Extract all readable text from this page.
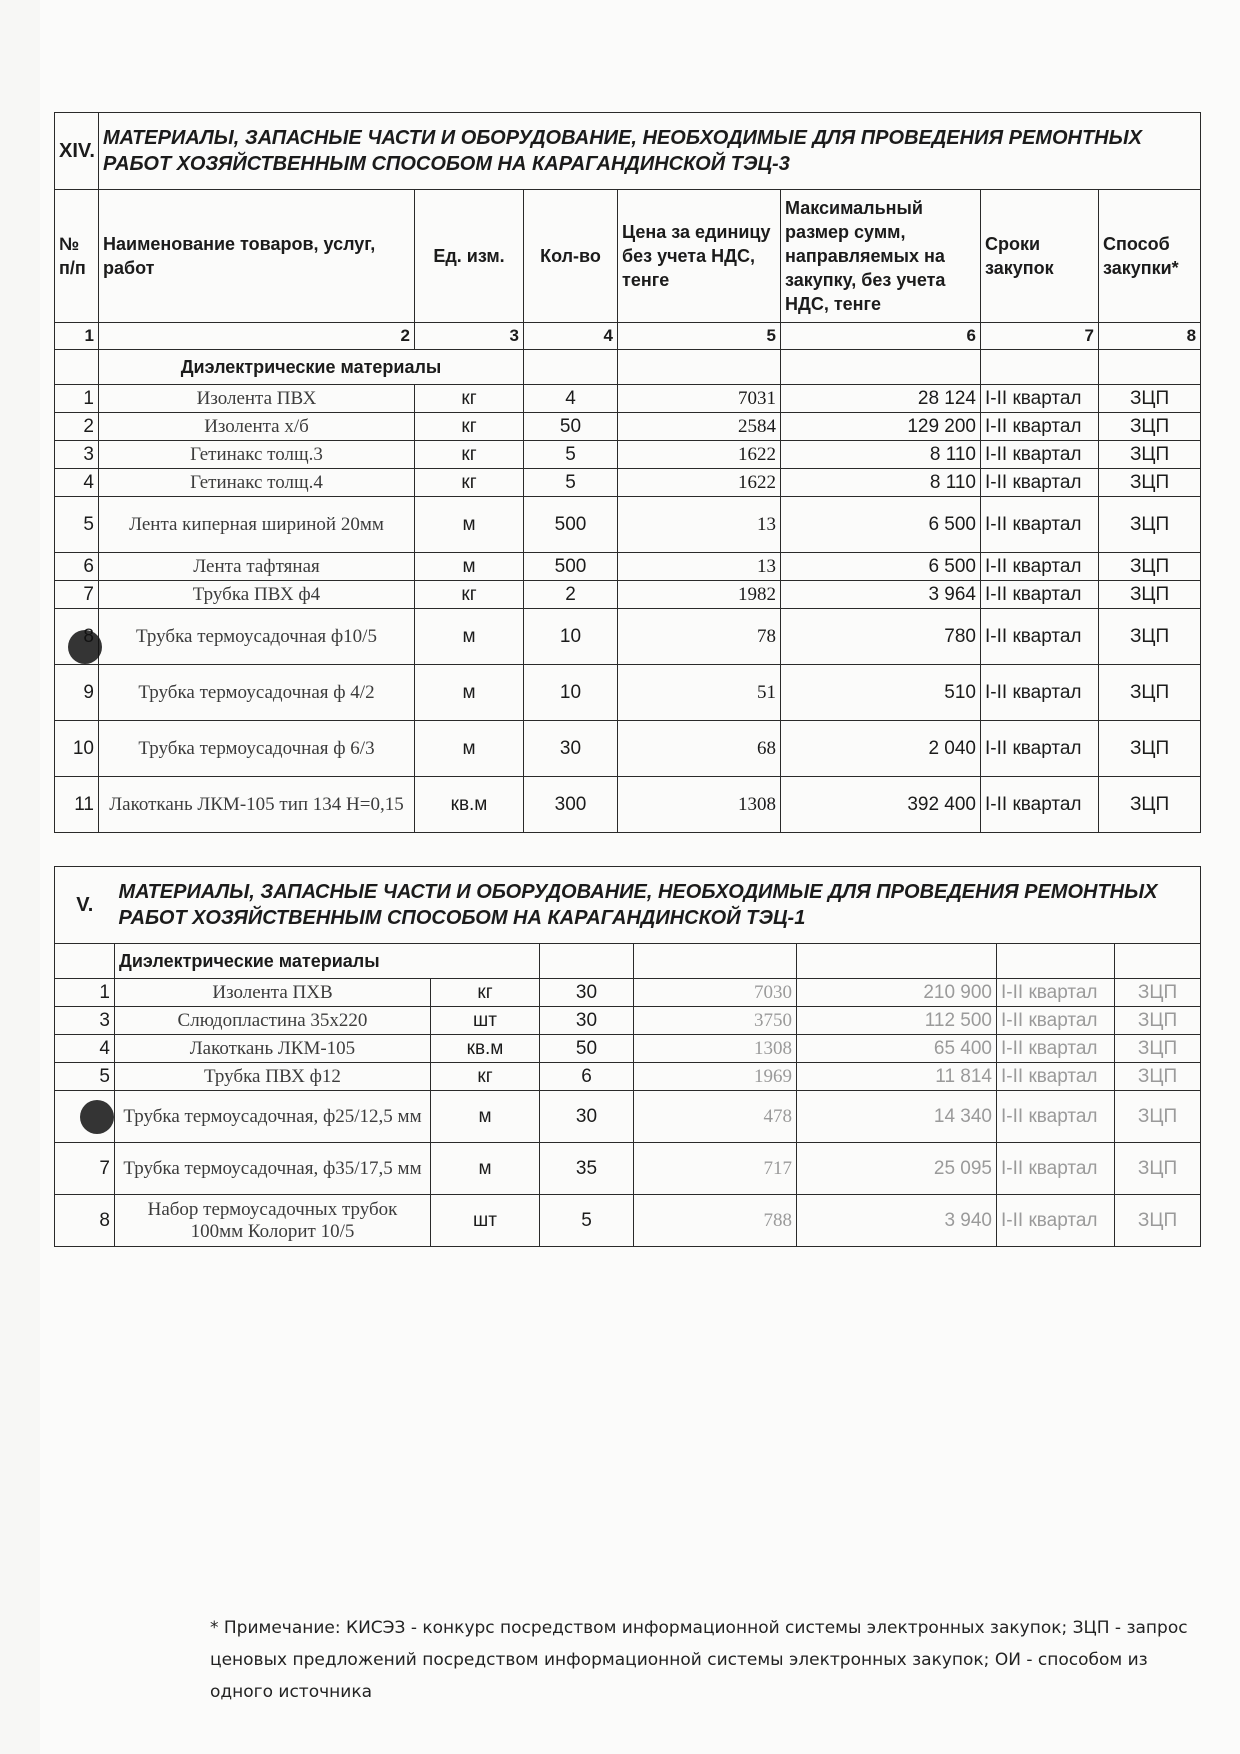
XIV.	МАТЕРИАЛЫ, ЗАПАСНЫЕ ЧАСТИ И ОБОРУДОВАНИЕ, НЕОБХОДИМЫЕ ДЛЯ ПРОВЕДЕНИЯ РЕМОНТНЫХ РАБОТ ХОЗЯЙСТВЕННЫМ СПОСОБОМ НА КАРАГАНДИНСКОЙ ТЭЦ-3						
№ п/п	Наименование товаров, услуг, работ	Ед. изм.	Кол-во	Цена за единицу без учета НДС, тенге	Максимальный размер сумм, направляемых на закупку, без учета НДС, тенге	Сроки закупок	Способ закупки*
1	2	3	4	5	6	7	8
	Диэлектрические материалы						
1	Изолента ПВХ	кг	4	7031	28 124	I-II квартал	ЗЦП
2	Изолента х/б	кг	50	2584	129 200	I-II квартал	ЗЦП
3	Гетинакс толщ.3	кг	5	1622	8 110	I-II квартал	ЗЦП
4	Гетинакс толщ.4	кг	5	1622	8 110	I-II квартал	ЗЦП
5	Лента киперная шириной 20мм	м	500	13	6 500	I-II квартал	ЗЦП
6	Лента тафтяная	м	500	13	6 500	I-II квартал	ЗЦП
7	Трубка ПВХ ф4	кг	2	1982	3 964	I-II квартал	ЗЦП
	Трубка термоусадочная ф10/5	м	10	78	780	I-II квартал	ЗЦП
9	Трубка термоусадочная ф 4/2	м	10	51	510	I-II квартал	ЗЦП
10	Трубка термоусадочная ф 6/3	м	30	68	2 040	I-II квартал	ЗЦП
11	Лакоткань ЛКМ-105 тип 134 Н=0,15	кв.м	300	1308	392 400	I-II квартал	ЗЦП
V.	МАТЕРИАЛЫ, ЗАПАСНЫЕ ЧАСТИ И ОБОРУДОВАНИЕ, НЕОБХОДИМЫЕ ДЛЯ ПРОВЕДЕНИЯ РЕМОНТНЫХ РАБОТ ХОЗЯЙСТВЕННЫМ СПОСОБОМ НА КАРАГАНДИНСКОЙ ТЭЦ-1						
	Диэлектрические материалы						
1	Изолента ПХВ	кг	30	7030	210 900	I-II квартал	ЗЦП
3	Слюдопластина 35х220	шт	30	3750	112 500	I-II квартал	ЗЦП
4	Лакоткань ЛКМ-105	кв.м	50	1308	65 400	I-II квартал	ЗЦП
5	Трубка ПВХ ф12	кг	6	1969	11 814	I-II квартал	ЗЦП
	Трубка термоусадочная, ф25/12,5 мм	м	30	478	14 340	I-II квартал	ЗЦП
7	Трубка термоусадочная, ф35/17,5 мм	м	35	717	25 095	I-II квартал	ЗЦП
8	Набор термоусадочных трубок 100мм Колорит 10/5	шт	5	788	3 940	I-II квартал	ЗЦП
* Примечание: КИСЭЗ - конкурс посредством информационной системы электронных закупок; ЗЦП - запрос ценовых предложений посредством информационной системы электронных закупок; ОИ - способом из одного источника
